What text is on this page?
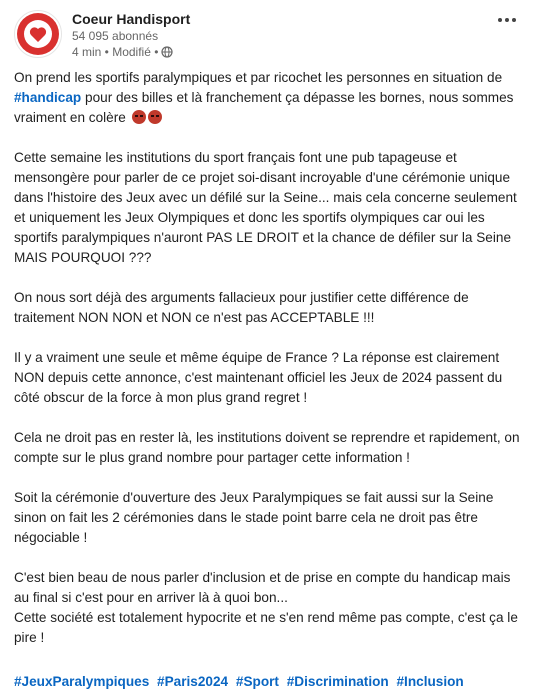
Coeur Handisport
54 095 abonnés
4 min • Modifié •

On prend les sportifs paralympiques et par ricochet les personnes en situation de #handicap pour des billes et là franchement ça dépasse les bornes, nous sommes vraiment en colère

Cette semaine les institutions du sport français font une pub tapageuse et mensongère pour parler de ce projet soi-disant incroyable d'une cérémonie unique dans l'histoire des Jeux avec un défilé sur la Seine... mais cela concerne seulement et uniquement les Jeux Olympiques et donc les sportifs olympiques car oui les sportifs paralympiques n'auront PAS LE DROIT et la chance de défiler sur la Seine MAIS POURQUOI ???

On nous sort déjà des arguments fallacieux pour justifier cette différence de traitement NON NON et NON ce n'est pas ACCEPTABLE !!!

Il y a vraiment une seule et même équipe de France ? La réponse est clairement NON depuis cette annonce, c'est maintenant officiel les Jeux de 2024 passent du côté obscur de la force à mon plus grand regret !

Cela ne droit pas en rester là, les institutions doivent se reprendre et rapidement, on compte sur le plus grand nombre pour partager cette information !

Soit la cérémonie d'ouverture des Jeux Paralympiques se fait aussi sur la Seine sinon on fait les 2 cérémonies dans le stade point barre cela ne droit pas être négociable !

C'est bien beau de nous parler d'inclusion et de prise en compte du handicap mais au final si c'est pour en arriver là à quoi bon...
Cette société est totalement hypocrite et ne s'en rend même pas compte, c'est ça le pire !

#JeuxParalympiques #Paris2024 #Sport #Discrimination #Inclusion
